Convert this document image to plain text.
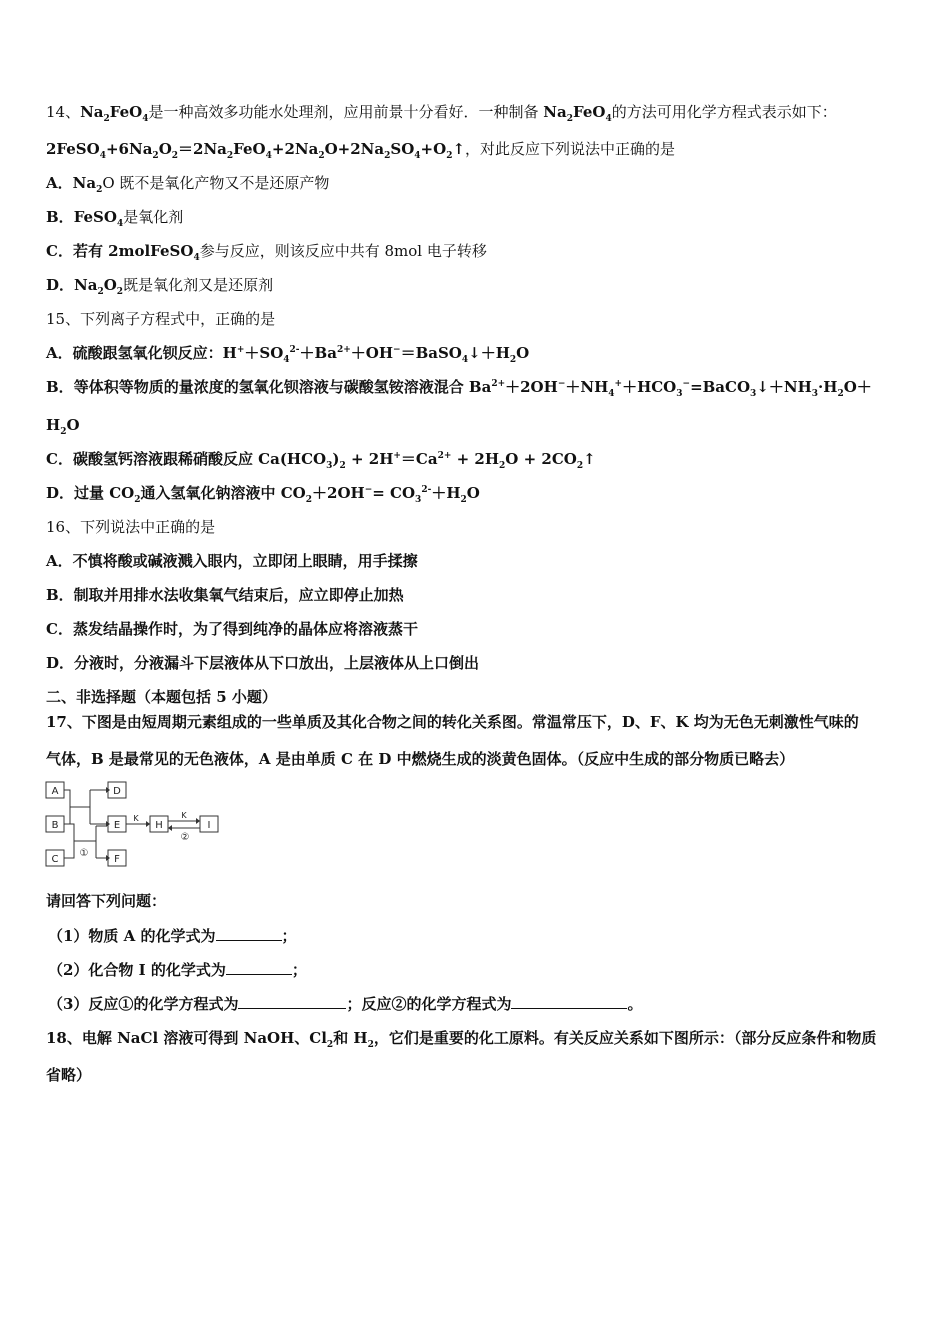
14、$Na_2FeO_4$是一种高效多功能水处理剂，应用前景十分看好．一种制备 $Na_2FeO_4$的方法可用化学方程式表示如下：
$2FeSO_4+6Na_2O_2=2Na_2FeO_4+2Na_2O+2Na_2SO_4+O_2↑$，对此反应下列说法中正确的是
A．$Na_2O$ 既不是氧化产物又不是还原产物
B．FeSO$_4$是氧化剂
C．若有 2molFeSO$_4$参与反应，则该反应中共有 8mol 电子转移
D．$Na_2O_2$既是氧化剂又是还原剂
15、下列离子方程式中，正确的是
A．硫酸跟氢氧化钡反应：$H^++SO_4^{2-}+Ba^{2+}+OH^-=BaSO_4↓+H_2O$
B．等体积等物质的量浓度的氢氧化钡溶液与碳酸氢铵溶液混合 $Ba^{2+}+2OH^-+NH_4^++HCO_3^-=BaCO_3↓+NH_3\cdot H_2O+$
$H_2O$
C．碳酸氢钙溶液跟稀硝酸反应 $Ca(HCO_3)_2 + 2H^+=Ca^{2+} + 2H_2O$ + $2CO_2↑$
D．过量 $CO_2$通入氢氧化钠溶液中 $CO_2+2OH^-= CO_3^{2-}+H_2O$
16、下列说法中正确的是
A．不慎将酸或碱液溅入眼内，立即闭上眼睛，用手揉擦
B．制取并用排水法收集氧气结束后，应立即停止加热
C．蒸发结晶操作时，为了得到纯净的晶体应将溶液蒸干
D．分液时，分液漏斗下层液体从下口放出，上层液体从上口倒出
二、非选择题（本题包括 5 小题）
17、下图是由短周期元素组成的一些单质及其化合物之间的转化关系图。常温常压下，D、F、K 均为无色无刺激性气味的
气体，B 是最常见的无色液体，A 是由单质 C 在 D 中燃烧生成的淡黄色固体。（反应中生成的部分物质已略去）
A
B
C
D
E
F
H	I
K	K
①
②
请回答下列问题：
（1）物质 A 的化学式为	；
（2）化合物 I 的化学式为	；
（3）反应①的化学方程式为	；反应②的化学方程式为	。
18、电解 NaCl 溶液可得到 NaOH、$Cl_2$和 $H_2$，它们是重要的化工原料。有关反应关系如下图所示：（部分反应条件和物质
省略）
